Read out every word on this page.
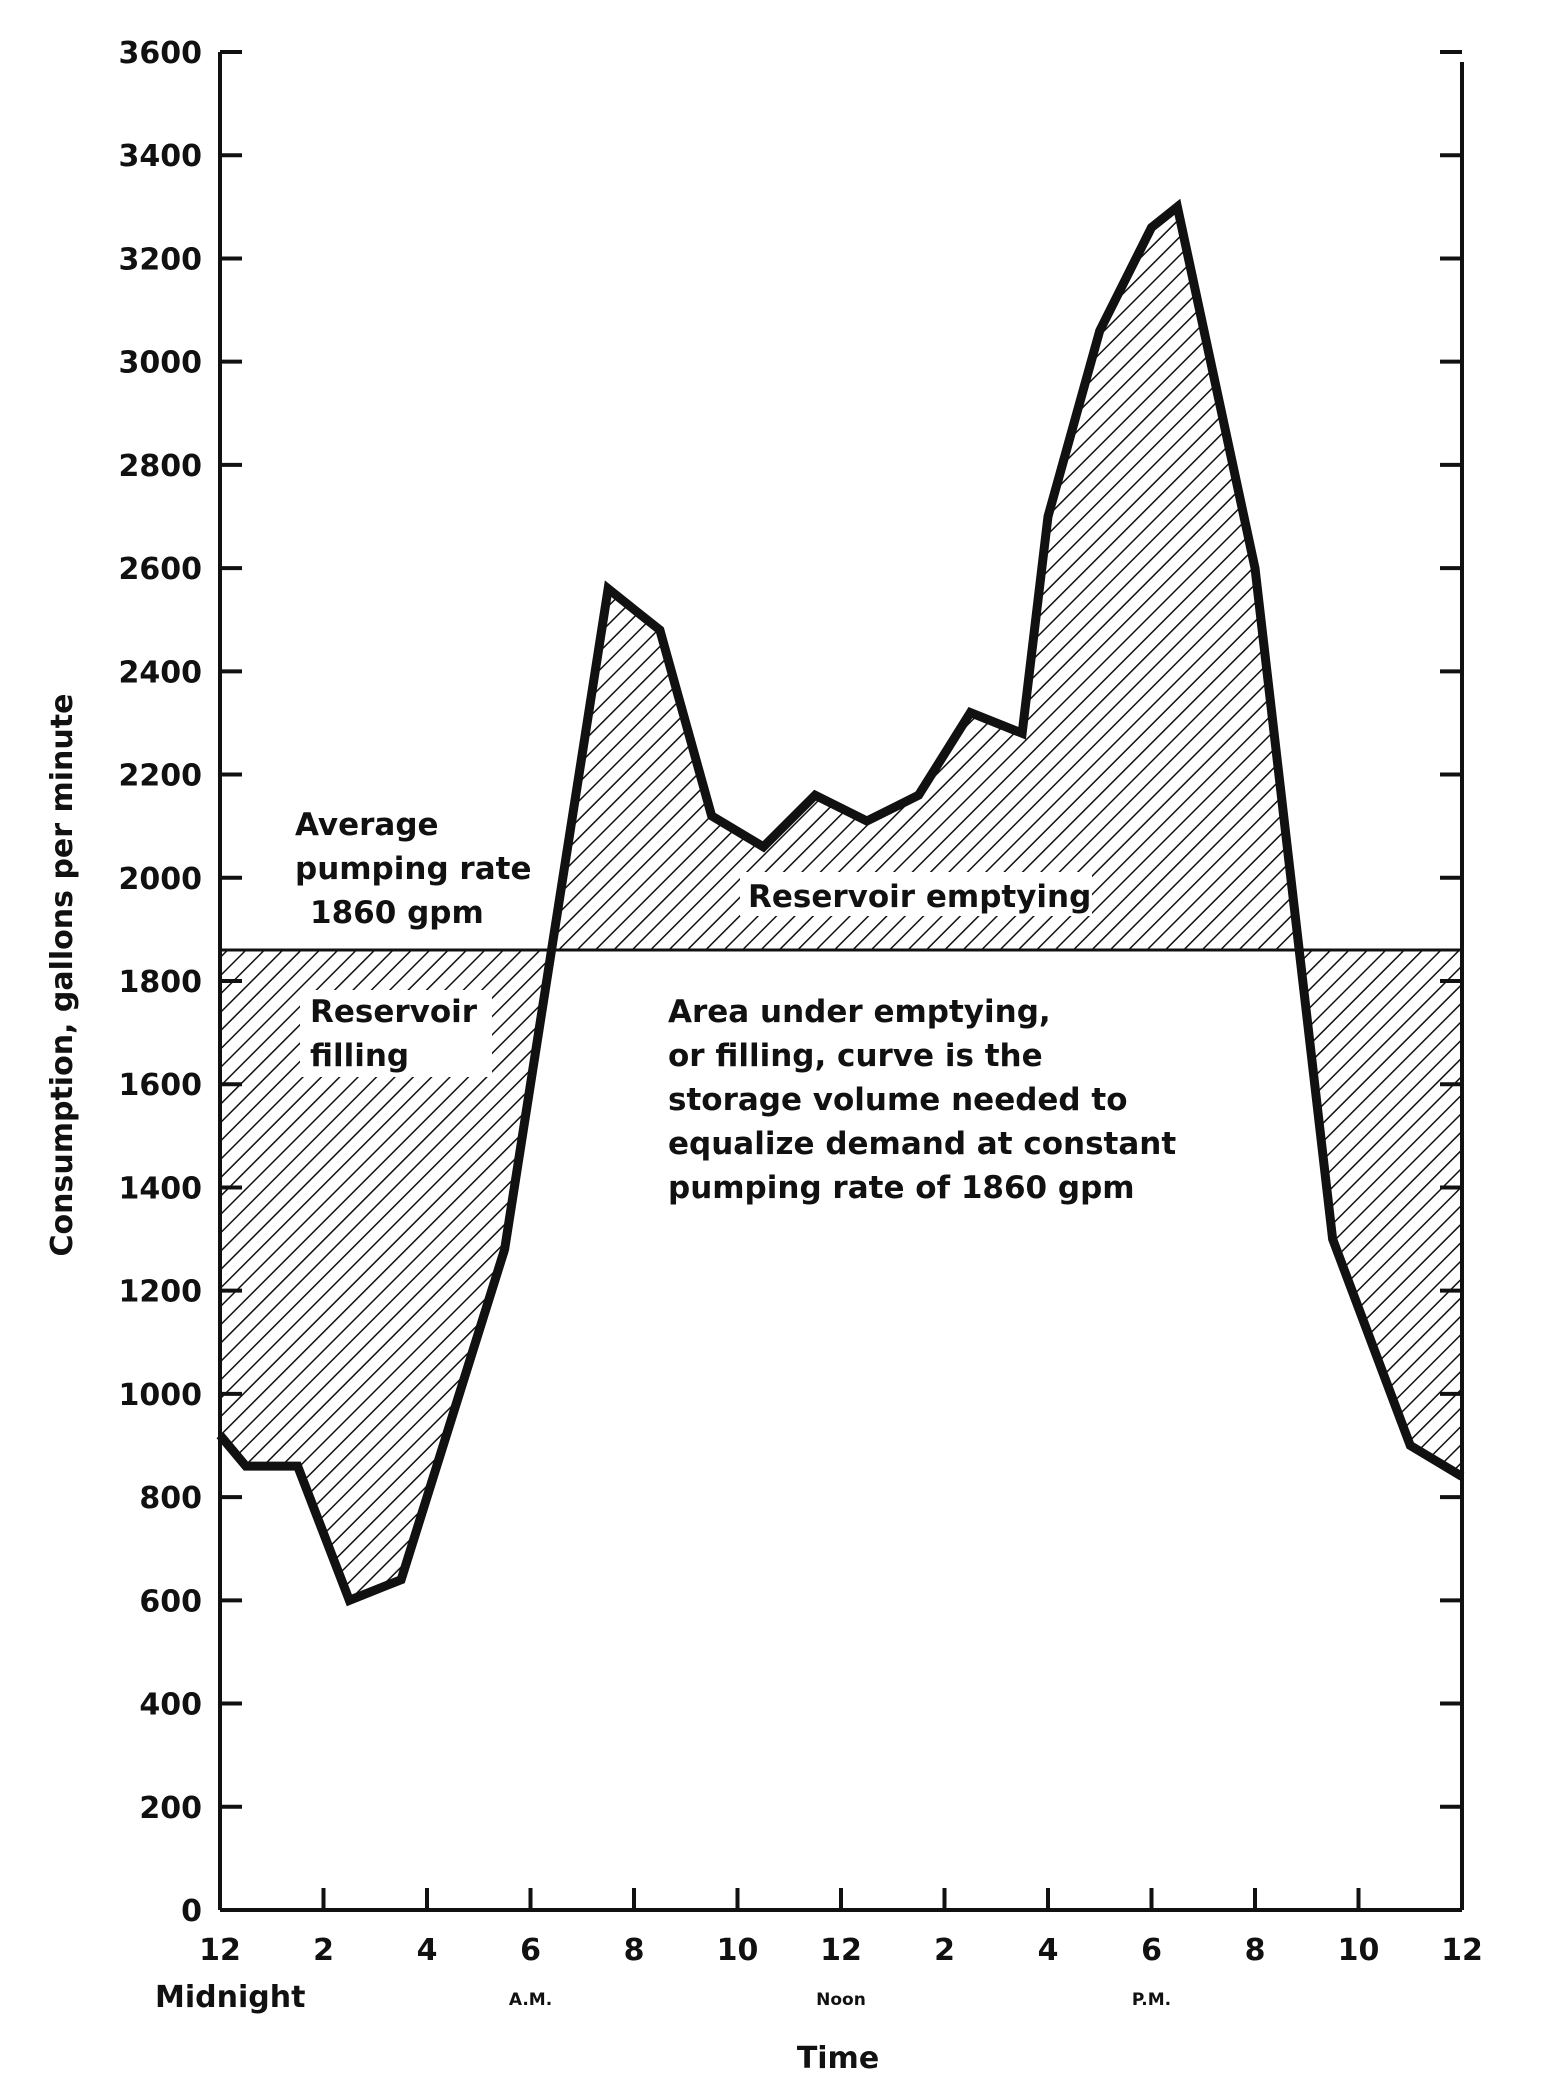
0
200
400
600
800
1000
1200
1400
1600
1800
2000
2200
2400
2600
2800
3000
3200
3400
3600
12 2	4	6	8 10 12 2	4	6	8 10 12
Midnight	A.M.	Noon	P.M.
Consumption, gallons per minute
Time
Average
pumping rate
1860 gpm
Reservoir
filling
Reservoir emptying
Area under emptying,
or filling, curve is the
storage volume needed to
equalize demand at constant
pumping rate of 1860 gpm
